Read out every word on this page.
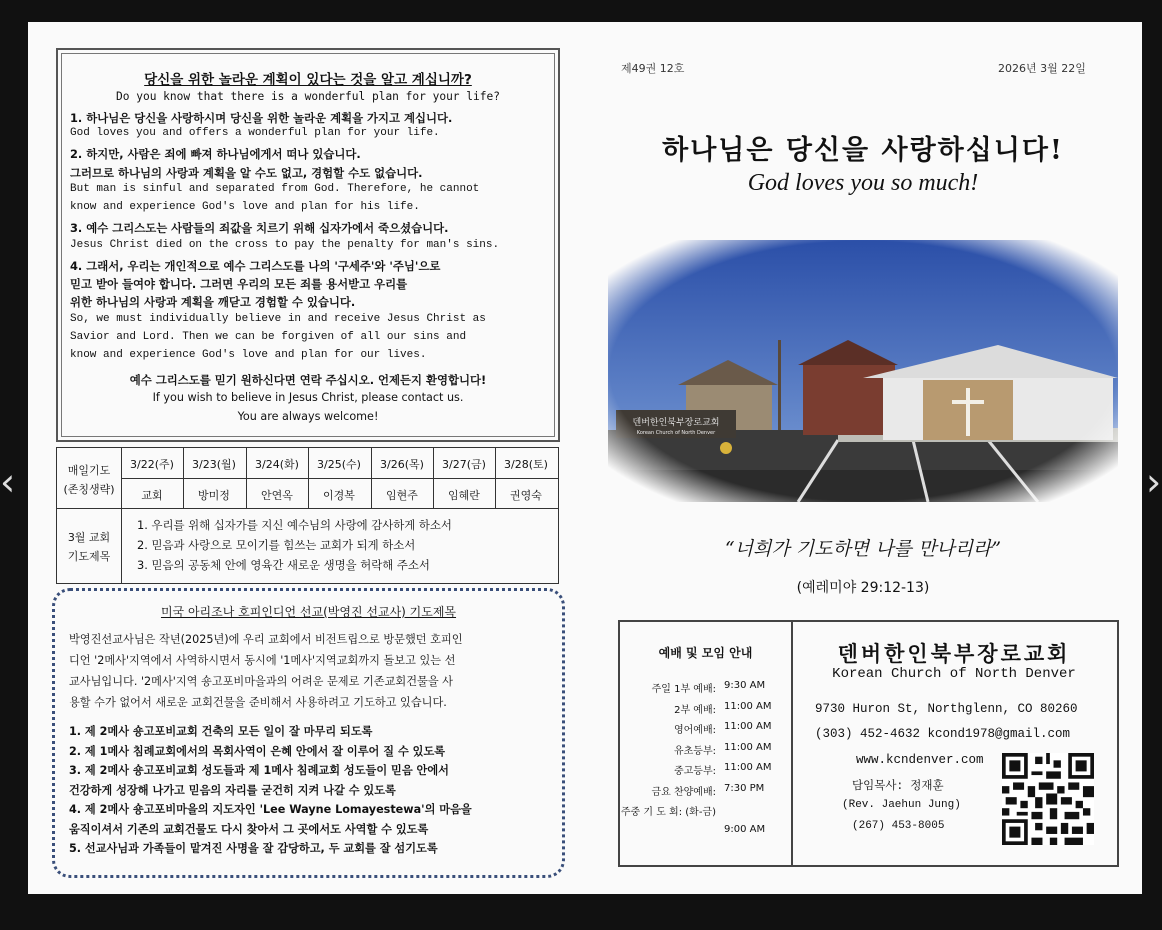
‹	›
당신을 위한 놀라운 계획이 있다는 것을 알고 계십니까?
Do you know that there is a wonderful plan for your life?
1. 하나님은 당신을 사랑하시며 당신을 위한 놀라운 계획을 가지고 계십니다.
God loves you and offers a wonderful plan for your life.
2. 하지만, 사람은 죄에 빠져 하나님에게서 떠나 있습니다.
그러므로 하나님의 사랑과 계획을 알 수도 없고, 경험할 수도 없습니다.
But man is sinful and separated from God. Therefore, he cannot
know and experience God's love and plan for his life.
3. 예수 그리스도는 사람들의 죄값을 치르기 위해 십자가에서 죽으셨습니다.
Jesus Christ died on the cross to pay the penalty for man's sins.
4. 그래서, 우리는 개인적으로 예수 그리스도를 나의 '구세주'와 '주님'으로
믿고 받아 들여야 합니다. 그러면 우리의 모든 죄를 용서받고 우리를
위한 하나님의 사랑과 계획을 깨닫고 경험할 수 있습니다.
So, we must individually believe in and receive Jesus Christ as
Savior and Lord. Then we can be forgiven of all our sins and
know and experience God's love and plan for our lives.
예수 그리스도를 믿기 원하신다면 연락 주십시오. 언제든지 환영합니다!
If you wish to believe in Jesus Christ, please contact us.
You are always welcome!
매일기도
(존칭생략)
3/22(주)
교회
3/23(월)
방미정
3/24(화)
안연옥
3/25(수)
이경복
3/26(목)
임현주
3/27(금)
임혜란
3/28(토)
권영숙
3월 교회
기도제목
1. 우리를 위해 십자가를 지신 예수님의 사랑에 감사하게 하소서
2. 믿음과 사랑으로 모이기를 힘쓰는 교회가 되게 하소서
3. 믿음의 공동체 안에 영육간 새로운 생명을 허락해 주소서
미국 아리조나 호피인디언 선교(박영진 선교사) 기도제목
박영진선교사님은 작년(2025년)에 우리 교회에서 비전트립으로 방문했던 호피인
디언 '2메사'지역에서 사역하시면서 동시에 '1메사'지역교회까지 돌보고 있는 선
교사님입니다. '2메사'지역 숑고포비마을과의 어려운 문제로 기존교회건물을 사
용할 수가 없어서 새로운 교회건물을 준비해서 사용하려고 기도하고 있습니다.
1. 제 2메사 숑고포비교회 건축의 모든 일이 잘 마무리 되도록
2. 제 1메사 침례교회에서의 목회사역이 은혜 안에서 잘 이루어 질 수 있도록
3. 제 2메사 숑고포비교회 성도들과 제 1메사 침례교회 성도들이 믿음 안에서
건강하게 성장해 나가고 믿음의 자리를 굳건히 지켜 나갈 수 있도록
4. 제 2메사 숑고포비마을의 지도자인 'Lee Wayne Lomayestewa'의 마음을
움직이셔서 기존의 교회건물도 다시 찾아서 그 곳에서도 사역할 수 있도록
5. 선교사님과 가족들이 맡겨진 사명을 잘 감당하고, 두 교회를 잘 섬기도록
제49권 12호	2026년 3월 22일
하나님은 당신을 사랑하십니다!
God loves you so much!
“너희가 기도하면 나를 만나리라”
(예레미야 29:12-13)
예배 및 모임 안내
주일 1부 예배: 9:30 AM
2부 예배: 11:00 AM
영어예배: 11:00 AM
유초등부: 11:00 AM
중고등부: 11:00 AM
금요 찬양예배: 7:30 PM
주중 기 도 회: (화-금)
9:00 AM
덴버한인북부장로교회
Korean Church of North Denver
9730 Huron St, Northglenn, CO 80260
(303) 452-4632 kcond1978@gmail.com
www.kcndenver.com
담임목사: 정재훈
(Rev. Jaehun Jung)
(267) 453-8005
